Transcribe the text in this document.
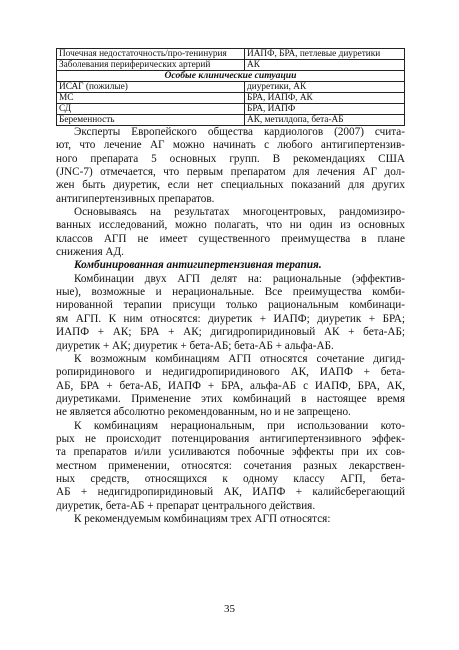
Почечная недостаточность/про-тенинурия	ИАПФ, БРА, петлевые диуретики
Заболевания периферических артерий	АК
Особые клинические ситуации	
ИСАГ (пожилые)	диуретики, АК
МС	БРА, ИАПФ, АК
СД	БРА, ИАПФ
Беременность	АК, метилдопа, бета-АБ

Эксперты Европейского общества кардиологов (2007) счита-
ют, что лечение АГ можно начинать с любого антигипертензив-
ного препарата 5 основных групп. В рекомендациях США
(JNC-7) отмечается, что первым препаратом для лечения АГ дол-
жен быть диуретик, если нет специальных показаний для других
антигипертензивных препаратов.

Основываясь на результатах многоцентровых, рандомизиро-
ванных исследований, можно полагать, что ни один из основных
классов АГП не имеет существенного преимущества в плане
снижения АД.

Комбинированная антигипертензивная терапия.

Комбинации двух АГП делят на: рациональные (эффектив-
ные), возможные и нерациональные. Все преимущества комби-
нированной терапии присущи только рациональным комбинаци-
ям АГП. К ним относятся: диуретик + ИАПФ; диуретик + БРА;
ИАПФ + АК; БРА + АК; дигидропиридиновый АК + бета-АБ;
диуретик + АК; диуретик + бета-АБ; бета-АБ + альфа-АБ.

К возможным комбинациям АГП относятся сочетание дигид-
ропиридинового и недигидропиридинового АК, ИАПФ + бета-
АБ, БРА + бета-АБ, ИАПФ + БРА, альфа-АБ с ИАПФ, БРА, АК,
диуретиками. Применение этих комбинаций в настоящее время
не является абсолютно рекомендованным, но и не запрещено.

К комбинациям нерациональным, при использовании кото-
рых не происходит потенцирования антигипертензивного эффек-
та препаратов и/или усиливаются побочные эффекты при их сов-
местном применении, относятся: сочетания разных лекарствен-
ных средств, относящихся к одному классу АГП, бета-
АБ + недигидропиридиновый АК, ИАПФ + калийсберегающий
диуретик, бета-АБ + препарат центрального действия.

К рекомендуемым комбинациям трех АГП относятся:

35
